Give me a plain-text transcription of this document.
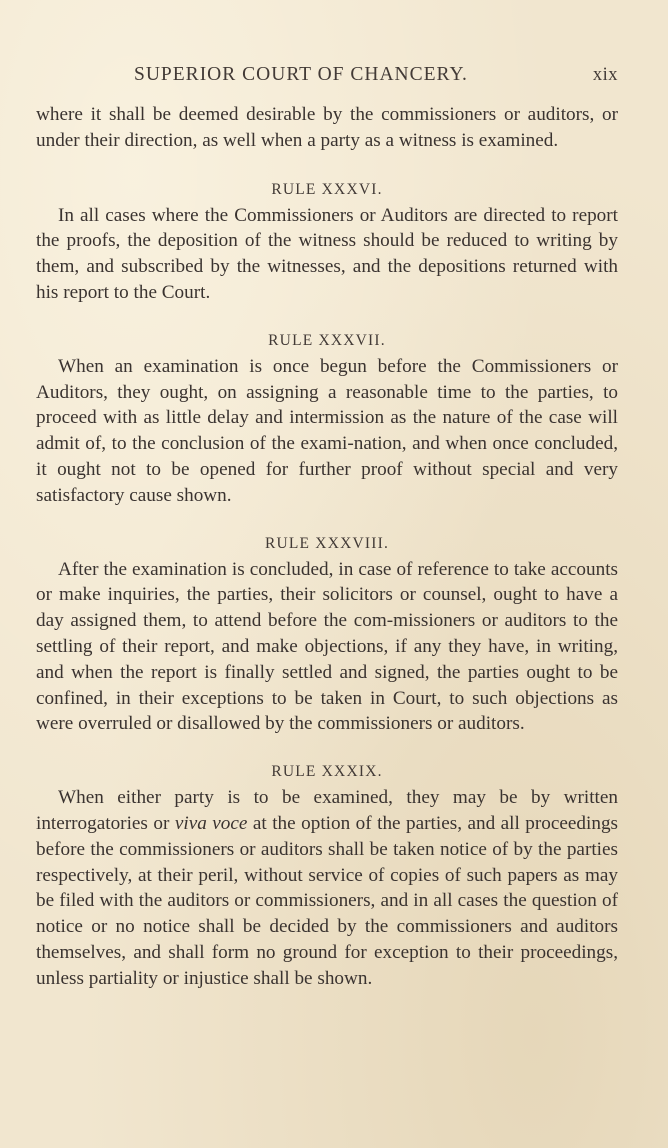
SUPERIOR COURT OF CHANCERY.	xix

where it shall be deemed desirable by the commissioners or auditors, or under their direction, as well when a party as a witness is examined.

RULE XXXVI.

In all cases where the Commissioners or Auditors are directed to report the proofs, the deposition of the witness should be reduced to writing by them, and subscribed by the witnesses, and the depositions returned with his report to the Court.

RULE XXXVII.

When an examination is once begun before the Commissioners or Auditors, they ought, on assigning a reasonable time to the parties, to proceed with as little delay and intermission as the nature of the case will admit of, to the conclusion of the exami-nation, and when once concluded, it ought not to be opened for further proof without special and very satisfactory cause shown.

RULE XXXVIII.

After the examination is concluded, in case of reference to take accounts or make inquiries, the parties, their solicitors or counsel, ought to have a day assigned them, to attend before the com-missioners or auditors to the settling of their report, and make objections, if any they have, in writing, and when the report is finally settled and signed, the parties ought to be confined, in their exceptions to be taken in Court, to such objections as were overruled or disallowed by the commissioners or auditors.

RULE XXXIX.

When either party is to be examined, they may be by written interrogatories or viva voce at the option of the parties, and all proceedings before the commissioners or auditors shall be taken notice of by the parties respectively, at their peril, without service of copies of such papers as may be filed with the auditors or commissioners, and in all cases the question of notice or no notice shall be decided by the commissioners and auditors themselves, and shall form no ground for exception to their proceedings, unless partiality or injustice shall be shown.
